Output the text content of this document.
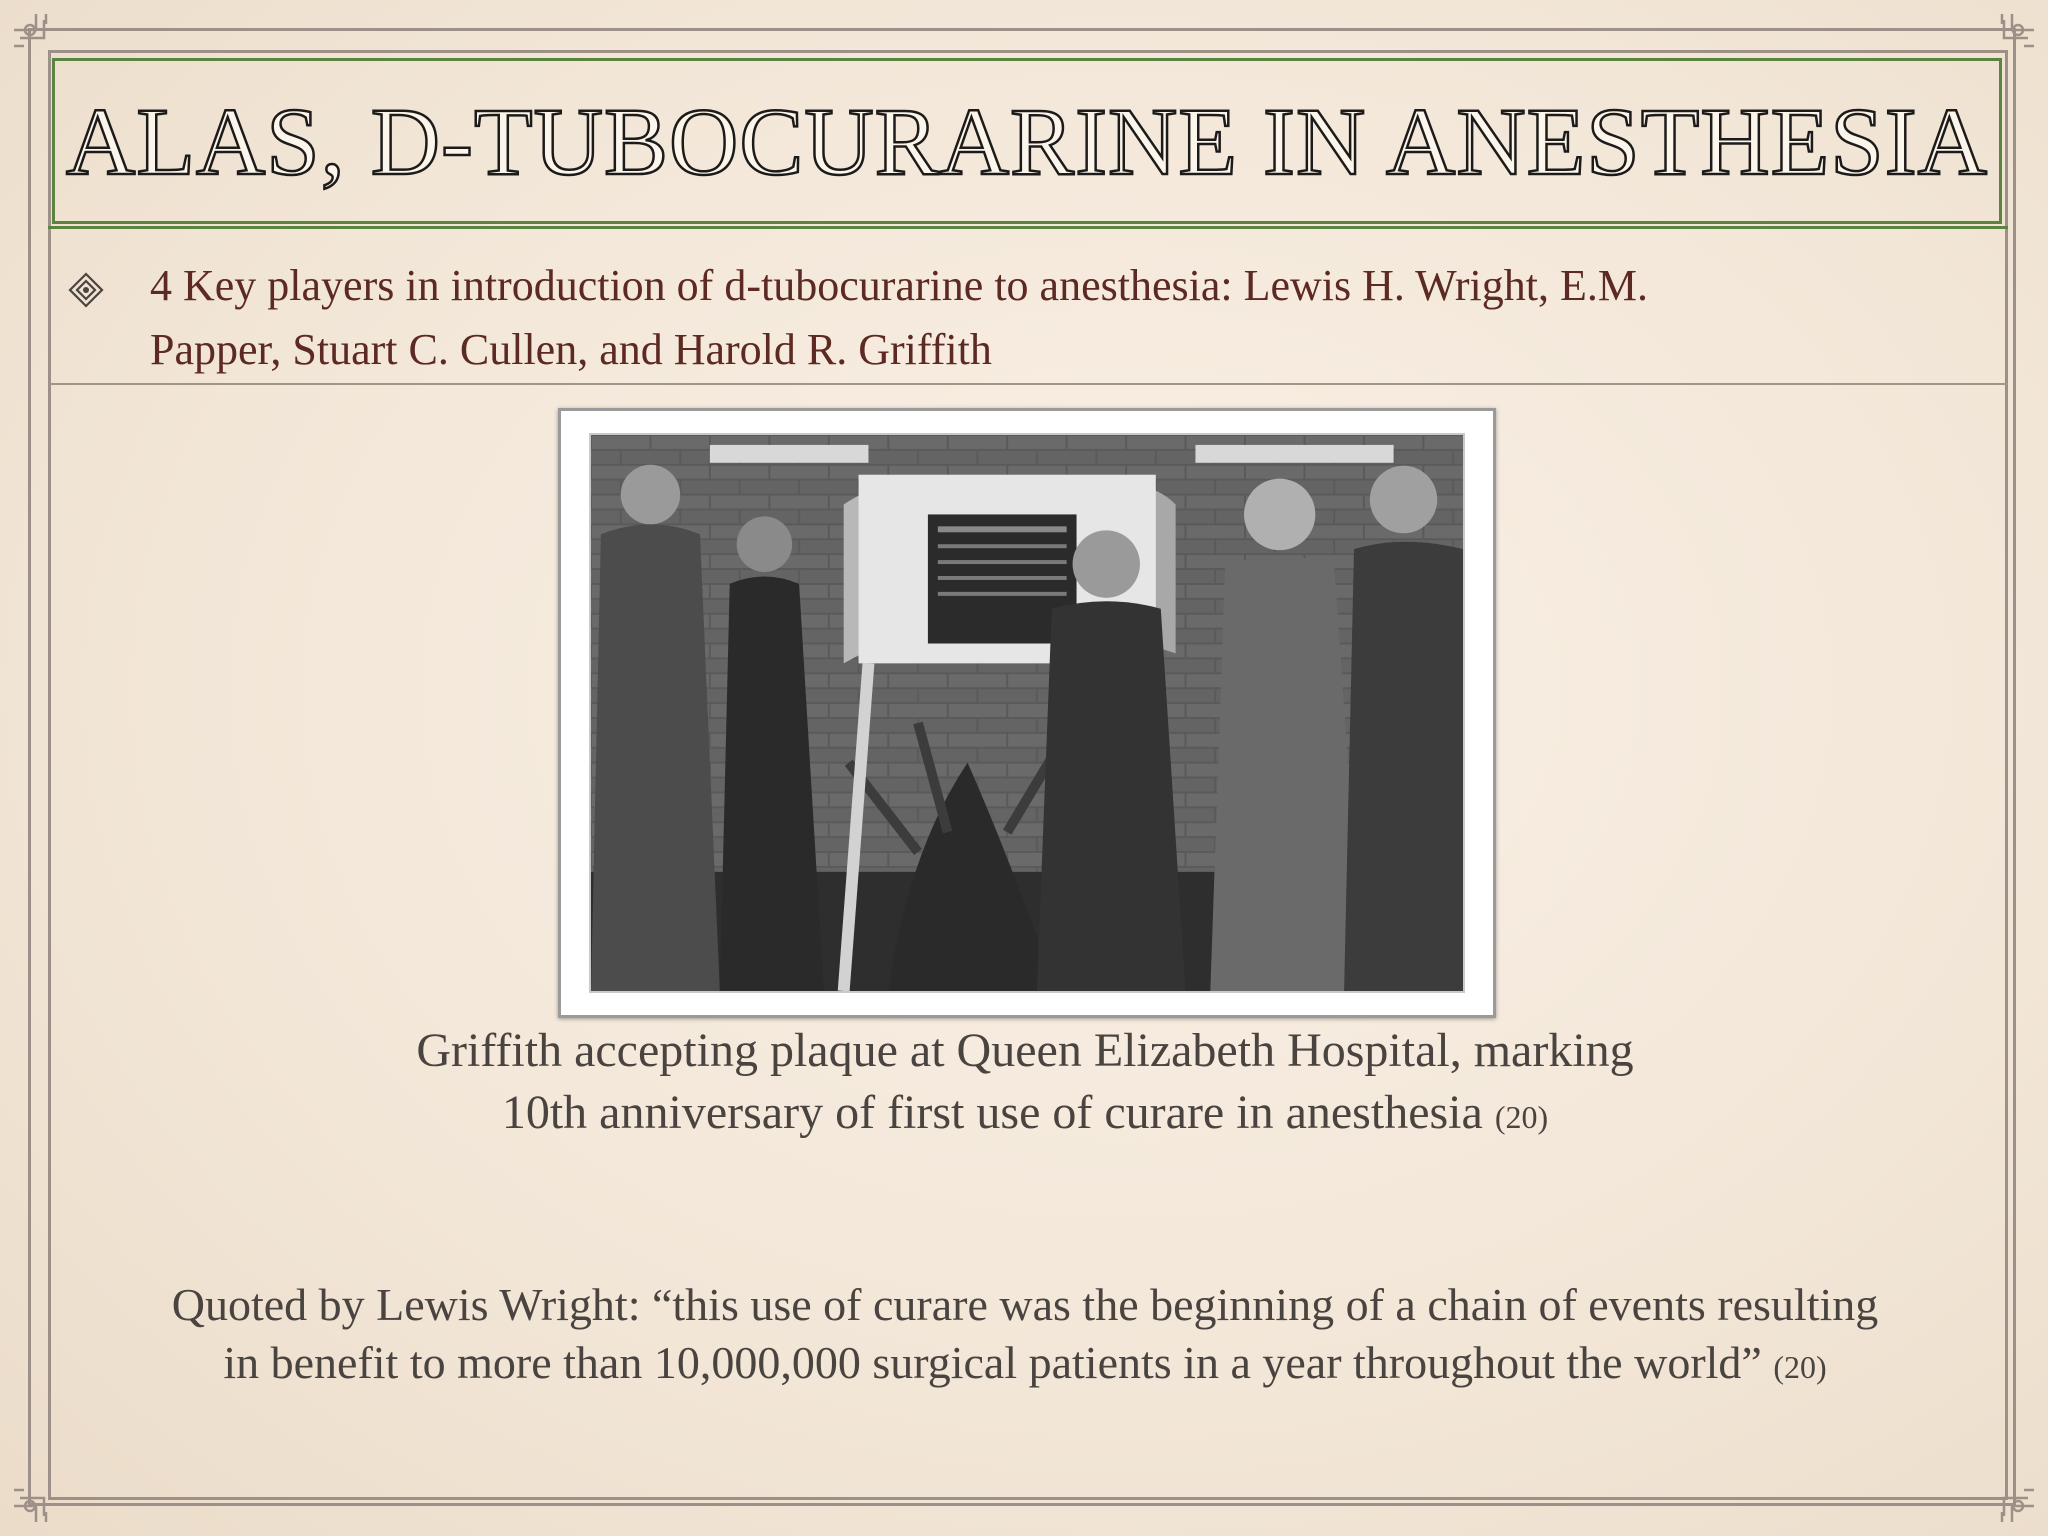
ALAS, D-TUBOCURARINE IN ANESTHESIA
4 Key players in introduction of d-tubocurarine to anesthesia: Lewis H. Wright, E.M. Papper, Stuart C. Cullen, and Harold R. Griffith
Griffith accepting plaque at Queen Elizabeth Hospital, marking 10th anniversary of first use of curare in anesthesia (20)
Quoted by Lewis Wright: “this use of curare was the beginning of a chain of events resulting in benefit to more than 10,000,000 surgical patients in a year throughout the world” (20)
